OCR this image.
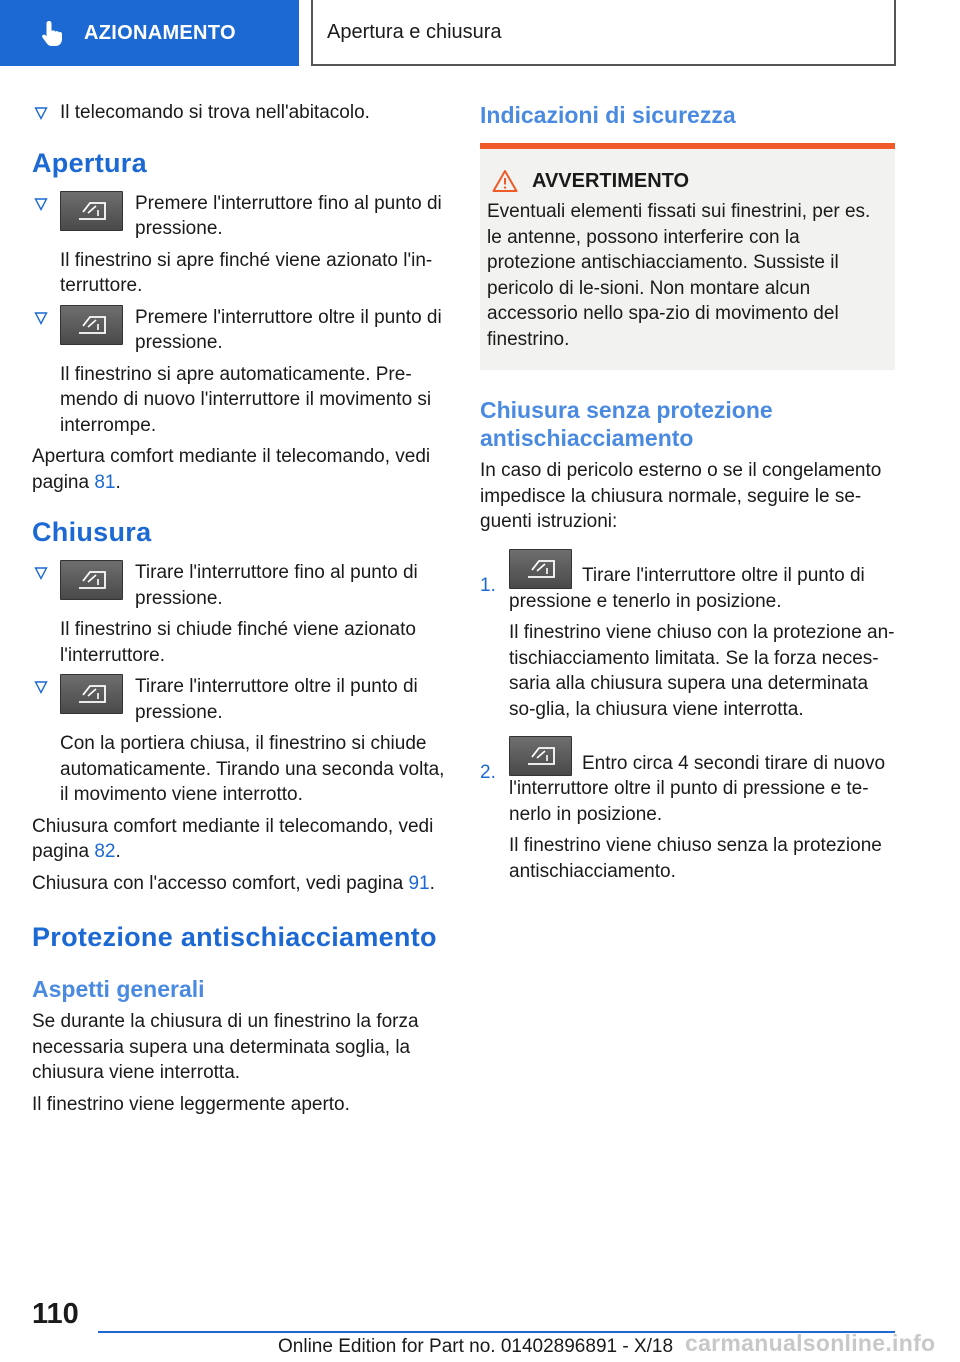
AZIONAMENTO	Apertura e chiusura
Il telecomando si trova nell'abitacolo.
Apertura
Premere l'interruttore fino al punto di pressione.
Il finestrino si apre finché viene azionato l'in-terruttore.
Premere l'interruttore oltre il punto di pressione.
Il finestrino si apre automaticamente. Pre-mendo di nuovo l'interruttore il movimento si interrompe.
Apertura comfort mediante il telecomando, vedi pagina 81.
Chiusura
Tirare l'interruttore fino al punto di pressione.
Il finestrino si chiude finché viene azionato l'interruttore.
Tirare l'interruttore oltre il punto di pressione.
Con la portiera chiusa, il finestrino si chiude automaticamente. Tirando una seconda volta, il movimento viene interrotto.
Chiusura comfort mediante il telecomando, vedi pagina 82.
Chiusura con l'accesso comfort, vedi pagina 91.
Protezione antischiacciamento
Aspetti generali
Se durante la chiusura di un finestrino la forza necessaria supera una determinata soglia, la chiusura viene interrotta.
Il finestrino viene leggermente aperto.
Indicazioni di sicurezza
AVVERTIMENTO
Eventuali elementi fissati sui finestrini, per es. le antenne, possono interferire con la protezione antischiacciamento. Sussiste il pericolo di le-sioni. Non montare alcun accessorio nello spa-zio di movimento del finestrino.
Chiusura senza protezione antischiacciamento
In caso di pericolo esterno o se il congelamento impedisce la chiusura normale, seguire le se-guenti istruzioni:
1.	Tirare l'interruttore oltre il punto di
pressione e tenerlo in posizione.
Il finestrino viene chiuso con la protezione an-tischiacciamento limitata. Se la forza neces-saria alla chiusura supera una determinata so-glia, la chiusura viene interrotta.
2.	Entro circa 4 secondi tirare di nuovo
l'interruttore oltre il punto di pressione e te-nerlo in posizione.
Il finestrino viene chiuso senza la protezione antischiacciamento.
110
Online Edition for Part no. 01402896891 - X/18 carmanualsonline.info
